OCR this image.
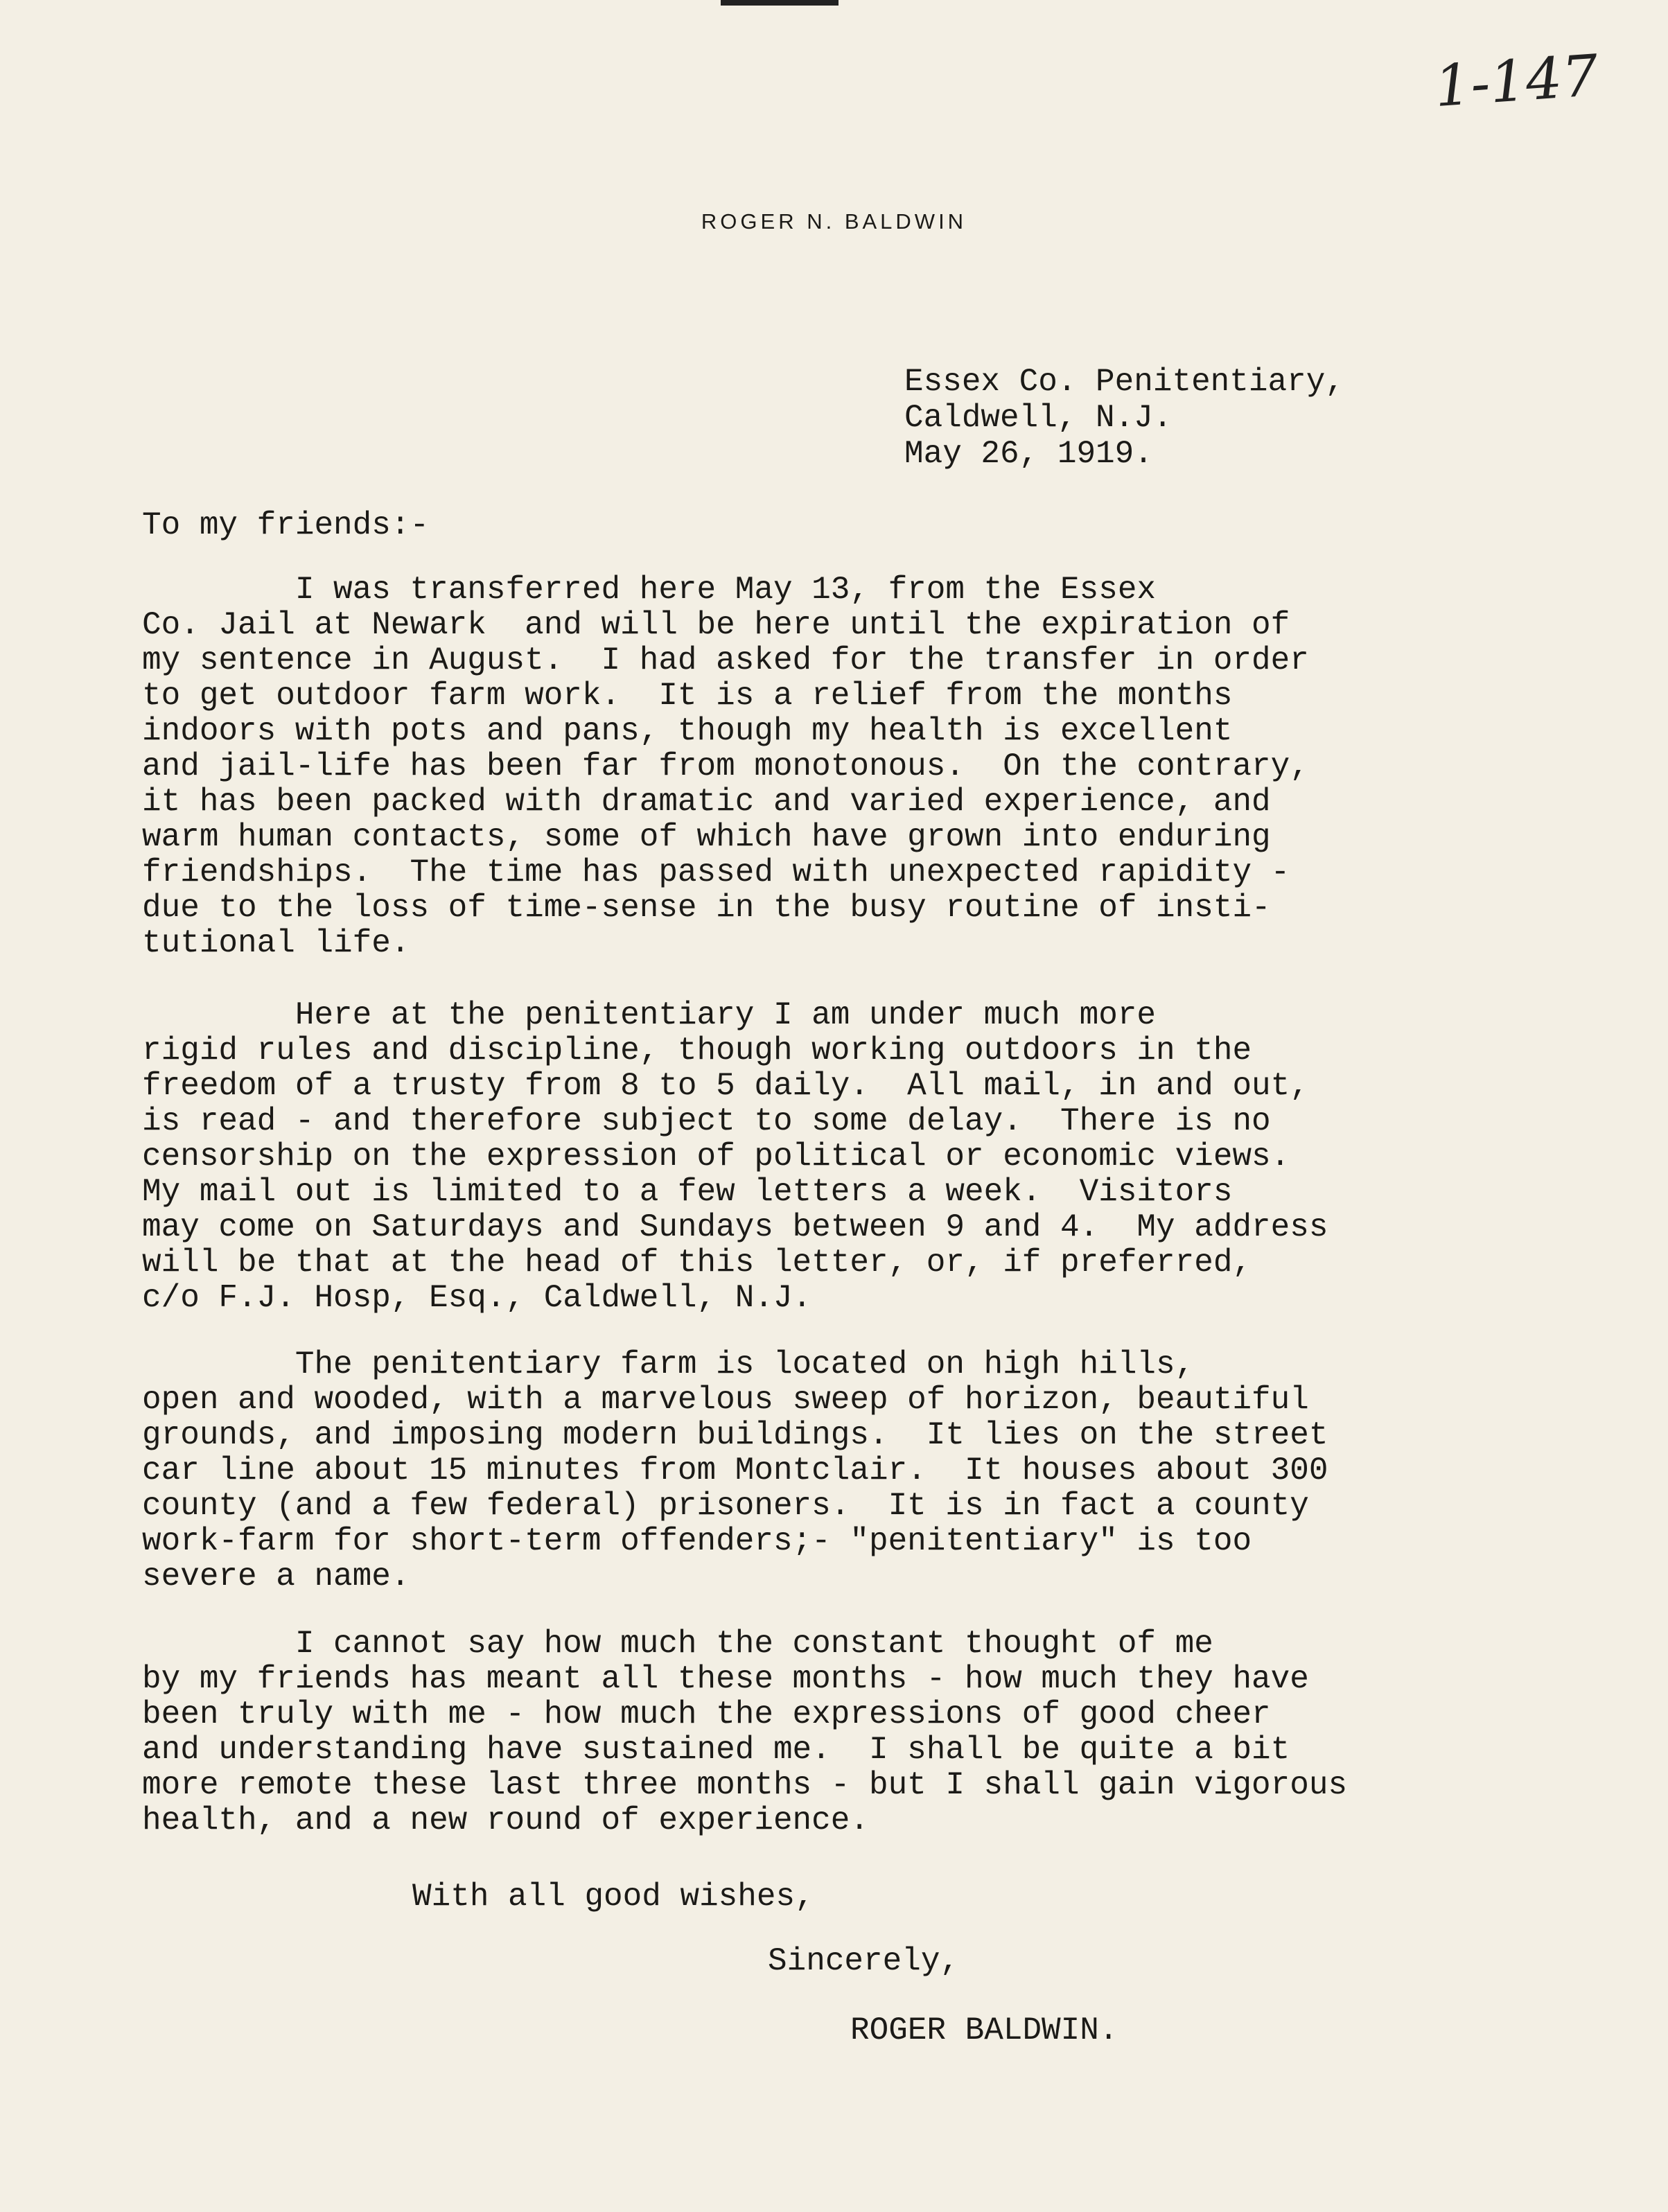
1-147
ROGER N. BALDWIN
Essex Co. Penitentiary,
Caldwell, N.J.
May 26, 1919.
To my friends:-
I was transferred here May 13, from the Essex
Co. Jail at Newark  and will be here until the expiration of
my sentence in August.  I had asked for the transfer in order
to get outdoor farm work.  It is a relief from the months
indoors with pots and pans, though my health is excellent
and jail-life has been far from monotonous.  On the contrary,
it has been packed with dramatic and varied experience, and
warm human contacts, some of which have grown into enduring
friendships.  The time has passed with unexpected rapidity -
due to the loss of time-sense in the busy routine of insti-
tutional life.
Here at the penitentiary I am under much more
rigid rules and discipline, though working outdoors in the
freedom of a trusty from 8 to 5 daily.  All mail, in and out,
is read - and therefore subject to some delay.  There is no
censorship on the expression of political or economic views.
My mail out is limited to a few letters a week.  Visitors
may come on Saturdays and Sundays between 9 and 4.  My address
will be that at the head of this letter, or, if preferred,
c/o F.J. Hosp, Esq., Caldwell, N.J.
The penitentiary farm is located on high hills,
open and wooded, with a marvelous sweep of horizon, beautiful
grounds, and imposing modern buildings.  It lies on the street
car line about 15 minutes from Montclair.  It houses about 300
county (and a few federal) prisoners.  It is in fact a county
work-farm for short-term offenders;- "penitentiary" is too
severe a name.
I cannot say how much the constant thought of me
by my friends has meant all these months - how much they have
been truly with me - how much the expressions of good cheer
and understanding have sustained me.  I shall be quite a bit
more remote these last three months - but I shall gain vigorous
health, and a new round of experience.
With all good wishes,
Sincerely,
ROGER BALDWIN.
